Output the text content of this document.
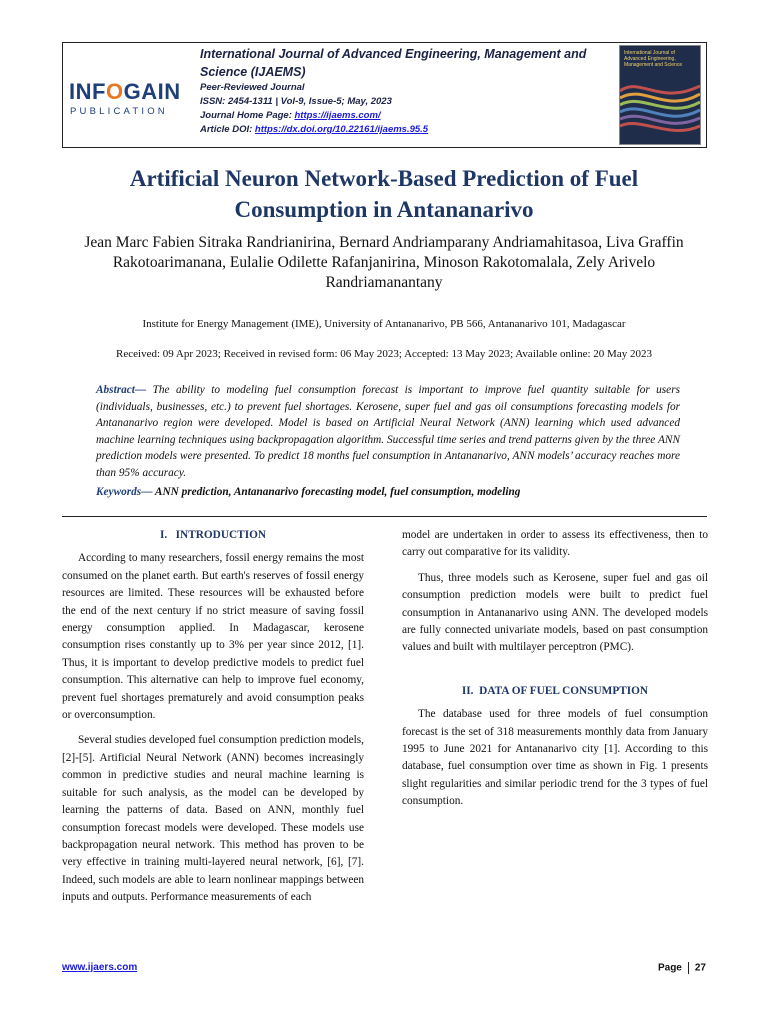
INFOGAIN
PUBLICATION
International Journal of Advanced Engineering, Management and Science (IJAEMS)
Peer-Reviewed Journal
ISSN: 2454-1311 | Vol-9, Issue-5; May, 2023
Journal Home Page: https://ijaems.com/
Article DOI: https://dx.doi.org/10.22161/ijaems.95.5
International Journal of Advanced Engineering, Management and Science
Artificial Neuron Network-Based Prediction of Fuel Consumption in Antananarivo
Jean Marc Fabien Sitraka Randrianirina, Bernard Andriamparany Andriamahitasoa, Liva Graffin Rakotoarimanana, Eulalie Odilette Rafanjanirina, Minoson Rakotomalala, Zely Arivelo Randriamanantany
Institute for Energy Management (IME), University of Antananarivo, PB 566, Antananarivo 101, Madagascar
Received: 09 Apr 2023; Received in revised form: 06 May 2023; Accepted: 13 May 2023; Available online: 20 May 2023
Abstract— The ability to modeling fuel consumption forecast is important to improve fuel quantity suitable for users (individuals, businesses, etc.) to prevent fuel shortages. Kerosene, super fuel and gas oil consumptions forecasting models for Antananarivo region were developed. Model is based on Artificial Neural Network (ANN) learning which used advanced machine learning techniques using backpropagation algorithm. Successful time series and trend patterns given by the three ANN prediction models were presented. To predict 18 months fuel consumption in Antananarivo, ANN models’ accuracy reaches more than 95% accuracy.
Keywords— ANN prediction, Antananarivo forecasting model, fuel consumption, modeling
I.   INTRODUCTION

According to many researchers, fossil energy remains the most consumed on the planet earth. But earth's reserves of fossil energy resources are limited. These resources will be exhausted before the end of the next century if no strict measure of saving fossil energy consumption applied. In Madagascar, kerosene consumption rises constantly up to 3% per year since 2012, [1]. Thus, it is important to develop predictive models to predict fuel consumption. This alternative can help to improve fuel economy, prevent fuel shortages prematurely and avoid consumption peaks or overconsumption.

Several studies developed fuel consumption prediction models, [2]-[5]. Artificial Neural Network (ANN) becomes increasingly common in predictive studies and neural machine learning is suitable for such analysis, as the model can be developed by learning the patterns of data. Based on ANN, monthly fuel consumption forecast models were developed. These models use backpropagation neural network. This method has proven to be very effective in training multi-layered neural network, [6], [7]. Indeed, such models are able to learn nonlinear mappings between inputs and outputs. Performance measurements of each

model are undertaken in order to assess its effectiveness, then to carry out comparative for its validity.

Thus, three models such as Kerosene, super fuel and gas oil consumption prediction models were built to predict fuel consumption in Antananarivo using ANN. The developed models are fully connected univariate models, based on past consumption values and built with multilayer perceptron (PMC).

II.  DATA OF FUEL CONSUMPTION

The database used for three models of fuel consumption forecast is the set of 318 measurements monthly data from January 1995 to June 2021 for Antananarivo city [1]. According to this database, fuel consumption over time as shown in Fig. 1 presents slight regularities and similar periodic trend for the 3 types of fuel consumption.

www.ijaers.com	Page 27
